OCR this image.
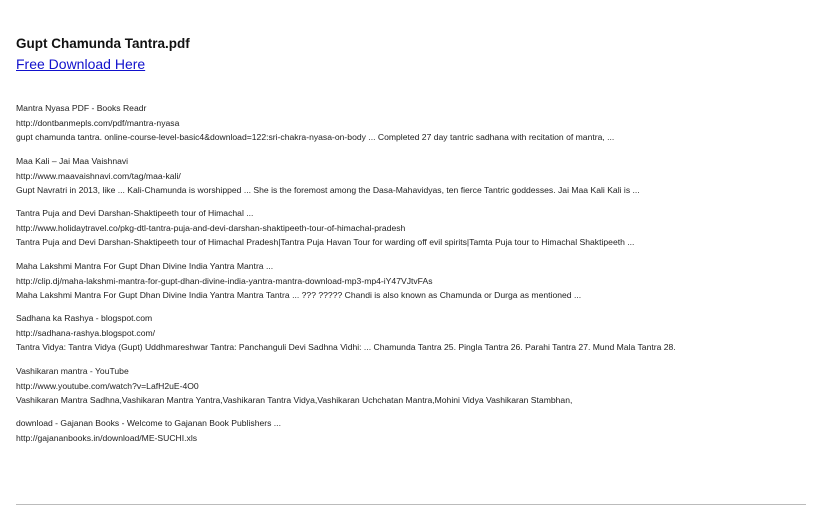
Gupt Chamunda Tantra.pdf
Free Download Here
Mantra Nyasa PDF - Books Readr
http://dontbanmepls.com/pdf/mantra-nyasa
gupt chamunda tantra. online-course-level-basic4&download=122:sri-chakra-nyasa-on-body ... Completed 27 day tantric sadhana with recitation of mantra, ...
Maa Kali – Jai Maa Vaishnavi
http://www.maavaishnavi.com/tag/maa-kali/
Gupt Navratri in 2013, like ... Kali-Chamunda is worshipped ... She is the foremost among the Dasa-Mahavidyas, ten fierce Tantric goddesses. Jai Maa Kali Kali is ...
Tantra Puja and Devi Darshan-Shaktipeeth tour of Himachal ...
http://www.holidaytravel.co/pkg-dtl-tantra-puja-and-devi-darshan-shaktipeeth-tour-of-himachal-pradesh
Tantra Puja and Devi Darshan-Shaktipeeth tour of Himachal Pradesh|Tantra Puja Havan Tour for warding off evil spirits|Tamta Puja tour to Himachal Shaktipeeth ...
Maha Lakshmi Mantra For Gupt Dhan Divine India Yantra Mantra ...
http://clip.dj/maha-lakshmi-mantra-for-gupt-dhan-divine-india-yantra-mantra-download-mp3-mp4-iY47VJtvFAs
Maha Lakshmi Mantra For Gupt Dhan Divine India Yantra Mantra Tantra ... ??? ????? Chandi is also known as Chamunda or Durga as mentioned ...
Sadhana ka Rashya - blogspot.com
http://sadhana-rashya.blogspot.com/
Tantra Vidya: Tantra Vidya (Gupt) Uddhmareshwar Tantra: Panchanguli Devi Sadhna Vidhi: ... Chamunda Tantra 25. Pingla Tantra 26. Parahi Tantra 27. Mund Mala Tantra 28.
Vashikaran mantra - YouTube
http://www.youtube.com/watch?v=LafH2uE-4O0
Vashikaran Mantra Sadhna,Vashikaran Mantra Yantra,Vashikaran Tantra Vidya,Vashikaran Uchchatan Mantra,Mohini Vidya Vashikaran Stambhan,
download - Gajanan Books - Welcome to Gajanan Book Publishers ...
http://gajananbooks.in/download/ME-SUCHI.xls
